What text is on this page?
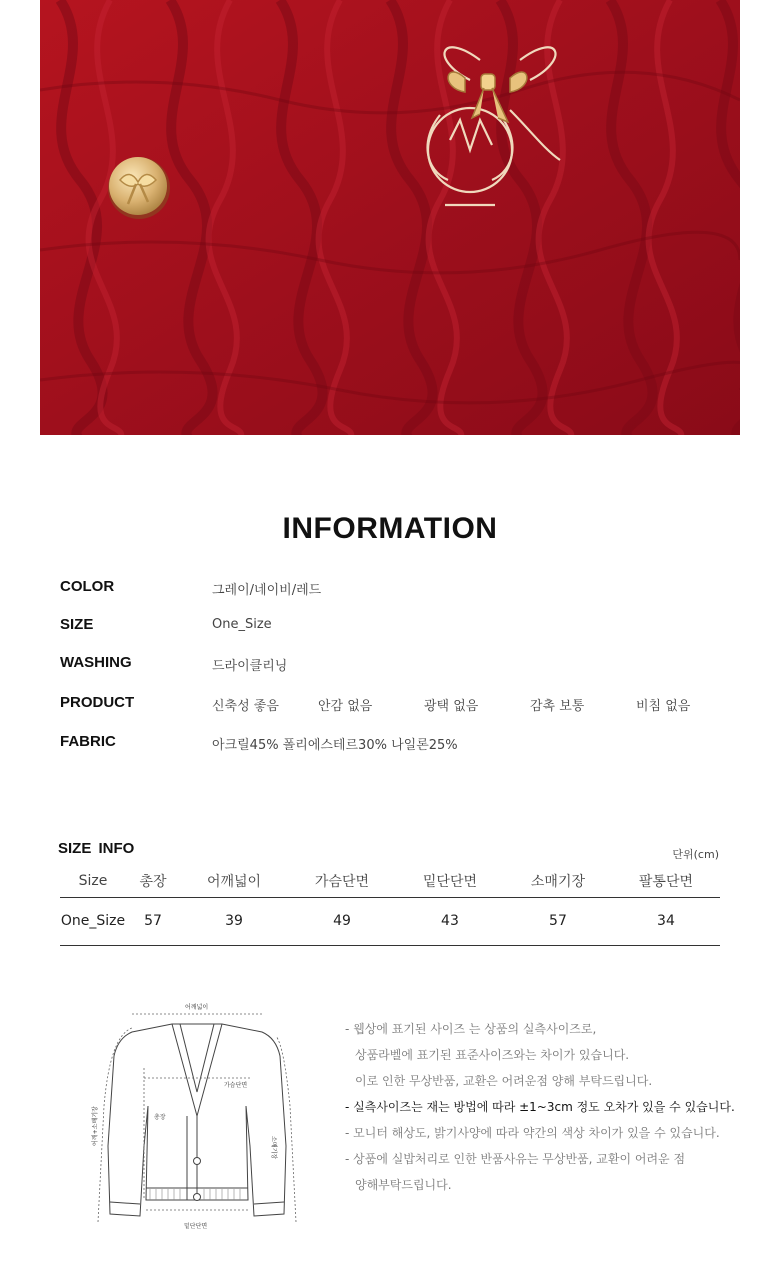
INFORMATION
COLOR	그레이/네이비/레드
SIZE	One_Size
WASHING	드라이클리닝
PRODUCT	신축성 좋음	안감 없음	광택 없음	감촉 보통	비침 없음
FABRIC	아크릴45% 폴리에스테르30% 나일론25%
SIZE INFO	단위(cm)
Size	총장	어깨넓이	가슴단면	밑단단면	소매기장	팔통단면
One_Size	57	39	49	43	57	34
어깨넓이
가슴단면
총장
밑단단면
소매기장
어깨+소매기장
- 웹상에 표기된 사이즈 는 상품의 실측사이즈로,
상품라벨에 표기된 표준사이즈와는 차이가 있습니다.
이로 인한 무상반품, 교환은 어려운점 양해 부탁드립니다.
- 실측사이즈는 재는 방법에 따라 ±1~3cm 정도 오차가 있을 수 있습니다.
- 모니터 해상도, 밝기사양에 따라 약간의 색상 차이가 있을 수 있습니다.
- 상품에 실밥처리로 인한 반품사유는 무상반품, 교환이 어려운 점
양해부탁드립니다.
